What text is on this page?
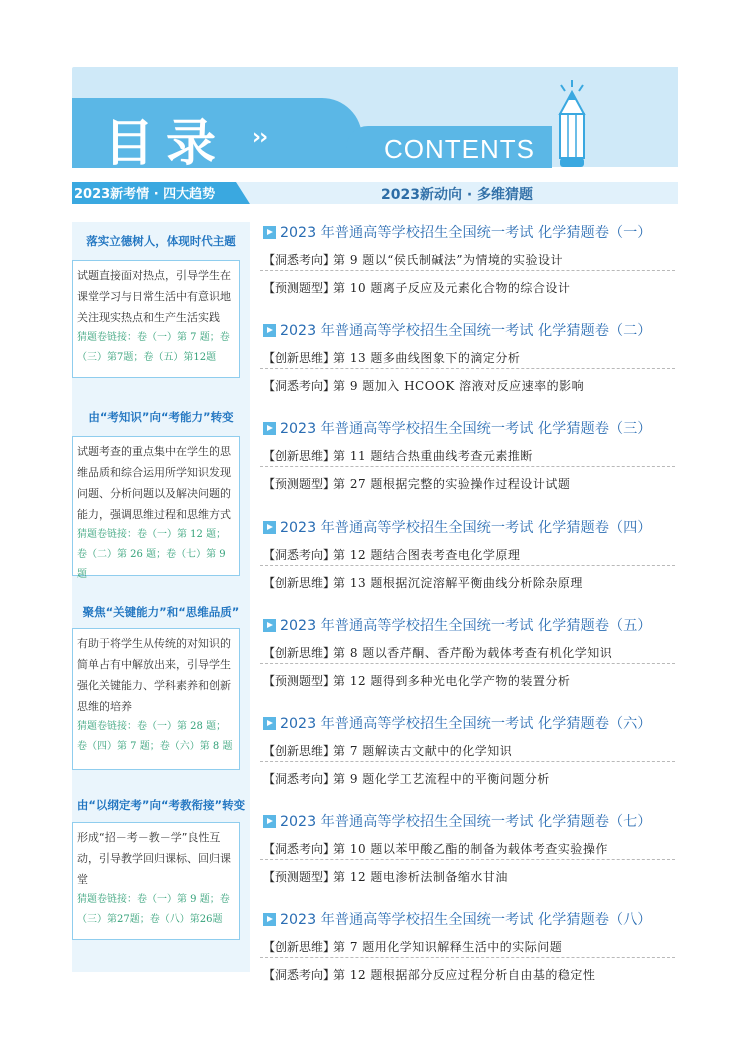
目录 ››	CONTENTS
2023新考情 · 四大趋势	2023新动向 · 多维猜题
落实立德树人，体现时代主题
试题直接面对热点，引导学生在课堂学习与日常生活中有意识地关注现实热点和生产生活实践
猜题卷链接：卷（一）第 7 题；卷（三）第7题；卷（五）第12题
由“考知识”向“考能力”转变
试题考查的重点集中在学生的思维品质和综合运用所学知识发现问题、分析问题以及解决问题的能力，强调思维过程和思维方式
猜题卷链接：卷（一）第 12 题；卷（二）第 26 题；卷（七）第 9 题
聚焦“关键能力”和“思维品质”
有助于将学生从传统的对知识的简单占有中解放出来，引导学生强化关键能力、学科素养和创新思维的培养
猜题卷链接：卷（一）第 28 题；卷（四）第 7 题；卷（六）第 8 题
由“以纲定考”向“考教衔接”转变
形成“招－考－教－学”良性互动，引导教学回归课标、回归课堂
猜题卷链接：卷（一）第 9 题；卷（三）第27题；卷（八）第26题
2023 年普通高等学校招生全国统一考试 化学猜题卷（一）
【洞悉考向】第 9 题以“侯氏制碱法”为情境的实验设计
【预测题型】第 10 题离子反应及元素化合物的综合设计
2023 年普通高等学校招生全国统一考试 化学猜题卷（二）
【创新思维】第 13 题多曲线图象下的滴定分析
【洞悉考向】第 9 题加入 HCOOK 溶液对反应速率的影响
2023 年普通高等学校招生全国统一考试 化学猜题卷（三）
【创新思维】第 11 题结合热重曲线考查元素推断
【预测题型】第 27 题根据完整的实验操作过程设计试题
2023 年普通高等学校招生全国统一考试 化学猜题卷（四）
【洞悉考向】第 12 题结合图表考查电化学原理
【创新思维】第 13 题根据沉淀溶解平衡曲线分析除杂原理
2023 年普通高等学校招生全国统一考试 化学猜题卷（五）
【创新思维】第 8 题以香芹酮、香芹酚为载体考查有机化学知识
【预测题型】第 12 题得到多种光电化学产物的装置分析
2023 年普通高等学校招生全国统一考试 化学猜题卷（六）
【创新思维】第 7 题解读古文献中的化学知识
【洞悉考向】第 9 题化学工艺流程中的平衡问题分析
2023 年普通高等学校招生全国统一考试 化学猜题卷（七）
【洞悉考向】第 10 题以苯甲酸乙酯的制备为载体考查实验操作
【预测题型】第 12 题电渗析法制备缩水甘油
2023 年普通高等学校招生全国统一考试 化学猜题卷（八）
【创新思维】第 7 题用化学知识解释生活中的实际问题
【洞悉考向】第 12 题根据部分反应过程分析自由基的稳定性
